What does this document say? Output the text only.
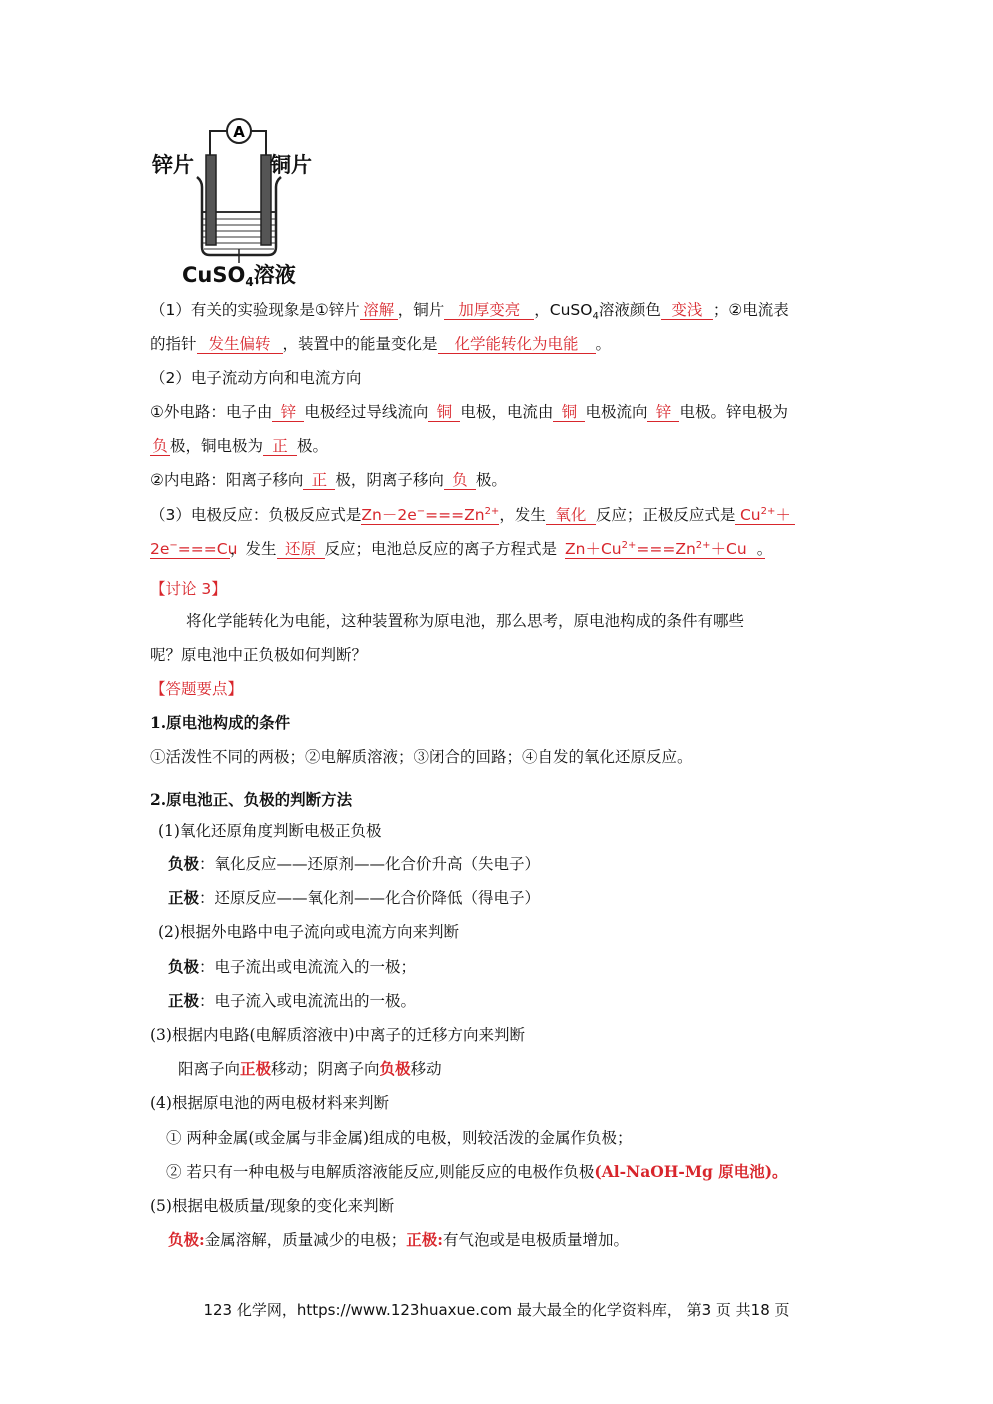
A
锌片	铜片
CuSO4溶液
（1）有关的实验现象是①锌片 溶解 ，铜片 加厚变亮 ，CuSO$_4$溶液颜色 变浅 ；②电流表
的指针 发生偏转 ，装置中的能量变化是 化学能转化为电能 。
（2）电子流动方向和电流方向
①外电路：电子由 锌 电极经过导线流向 铜 电极，电流由 铜 电极流向 锌 电极。锌电极为
负 极，铜电极为 正 极。
②内电路：阳离子移向 正 极，阴离子移向 负 极。
（3）电极反应：负极反应式是$Zn-2e^-===Zn^{2+}$，发生 氧化 反应；正极反应式是 $Cu^{2+}+$
2e−===Cu，发生 还原 反应；电池总反应的离子方程式是 $Zn+Cu^{2+}===Zn^{2+}+Cu$ 。
【讨论 3】
将化学能转化为电能，这种装置称为原电池，那么思考，原电池构成的条件有哪些
呢？原电池中正负极如何判断？
【答题要点】
1.原电池构成的条件
①活泼性不同的两极；②电解质溶液；③闭合的回路；④自发的氧化还原反应。
2.原电池正、负极的判断方法
(1)氧化还原角度判断电极正负极
负极：氧化反应——还原剂——化合价升高（失电子）
正极：还原反应——氧化剂——化合价降低（得电子）
(2)根据外电路中电子流向或电流方向来判断
负极：电子流出或电流流入的一极；
正极：电子流入或电流流出的一极。
(3)根据内电路(电解质溶液中)中离子的迁移方向来判断
阳离子向正极移动；阴离子向负极移动
(4)根据原电池的两电极材料来判断
① 两种金属(或金属与非金属)组成的电极，则较活泼的金属作负极；
② 若只有一种电极与电解质溶液能反应,则能反应的电极作负极(Al-NaOH-Mg 原电池)。
(5)根据电极质量/现象的变化来判断
负极:金属溶解，质量减少的电极；正极:有气泡或是电极质量增加。
123 化学网，https://www.123huaxue.com 最大最全的化学资料库， 第3 页 共18 页
